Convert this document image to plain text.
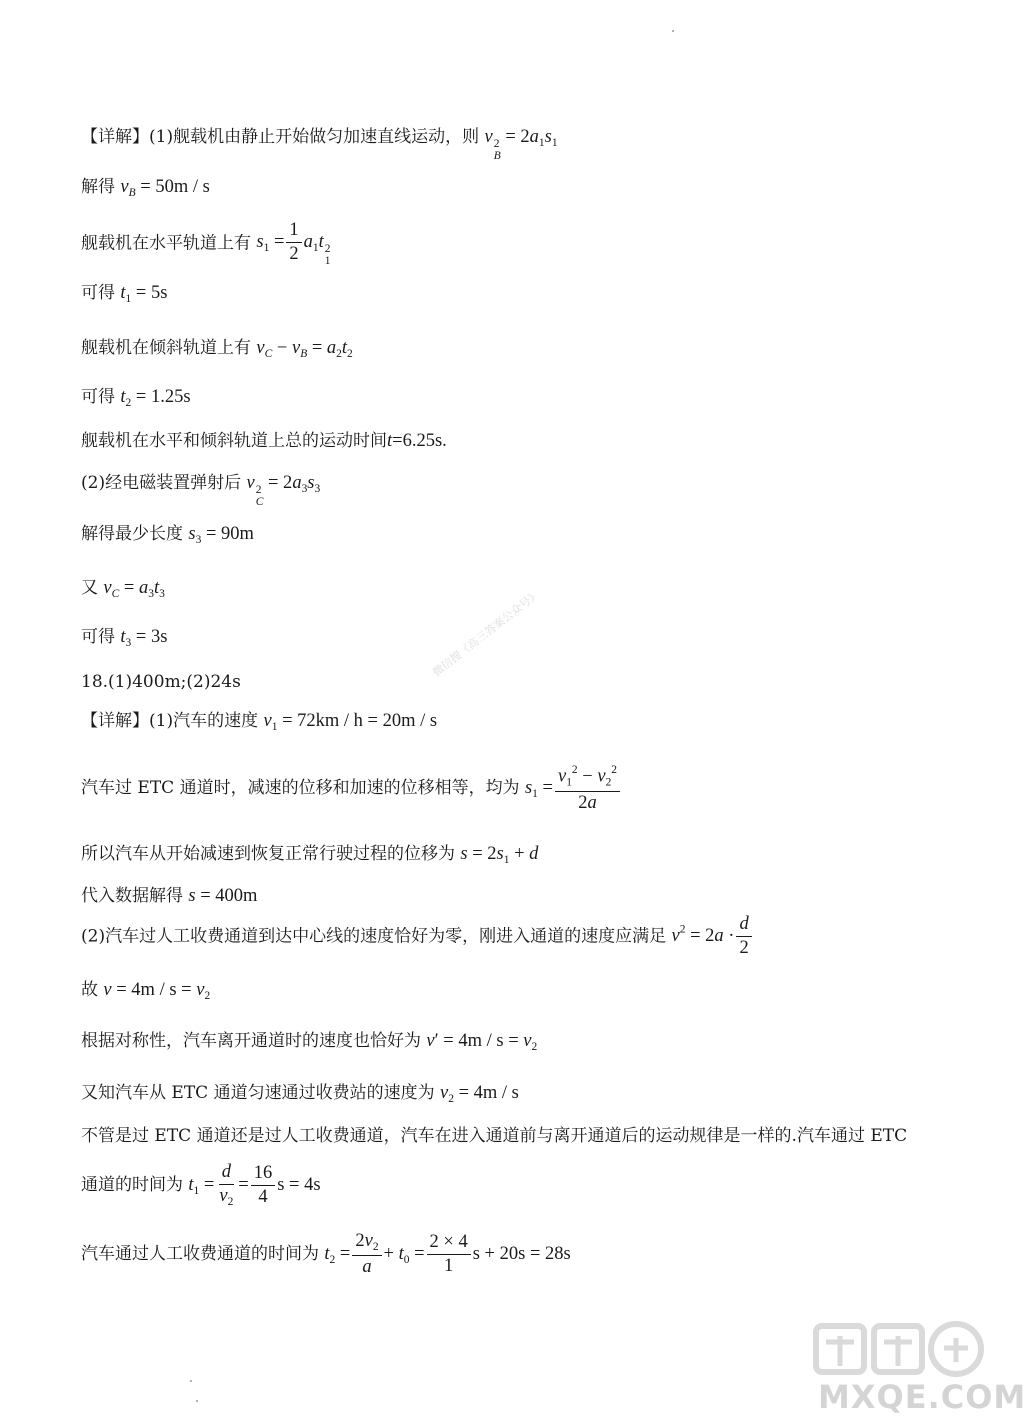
微信搜《高三答案公众号》
【详解】(1)舰载机由静止开始做匀加速直线运动，则 v 2
B
= $2a_1s_1$
解得 $v_B = 50m / s$
舰载机在水平轨道上有 $s_1 = \frac{1}{2} a_1t$ 2
1
可得 $t_1 = 5s$
舰载机在倾斜轨道上有 $v_C - v_B = a_2t_2$
可得 $t_2 = 1.25s$
舰载机在水平和倾斜轨道上总的运动时间t=6.25s.
(2)经电磁装置弹射后 v 2
C
= $2a_3s_3$
解得最少长度 $s_3 = 90m$
又 $v_C = a_3t_3$
可得 $t_3 = 3s$
18.(1)400m;(2)24s
【详解】(1)汽车的速度 $v_1 = 72km / h = 20m / s$
汽车过 ETC 通道时，减速的位移和加速的位移相等，均为 $s_1 = \frac{v_1^2 - v_2^2}{2a}$
所以汽车从开始减速到恢复正常行驶过程的位移为 $s = 2s_1 + d$
代入数据解得 s = 400m
(2)汽车过人工收费通道到达中心线的速度恰好为零，刚进入通道的速度应满足 $v^2 = 2a \cdot \frac{d}{2}$
故 $v = 4m / s = v_2$
根据对称性，汽车离开通道时的速度也恰好为 $v' = 4m / s = v_2$
又知汽车从 ETC 通道匀速通过收费站的速度为 $v_2 = 4m / s$
不管是过 ETC 通道还是过人工收费通道，汽车在进入通道前与离开通道后的运动规律是一样的.汽车通过 ETC
通道的时间为 $t_1 = \frac{d}{v_2} = \frac{16}{4}$ s = 4s
汽车通过人工收费通道的时间为 $t_2 = \frac{2v_2}{a} + t_0 = \frac{2 \times 4}{1}$ s + 20s = 28s
MXQE.COM
